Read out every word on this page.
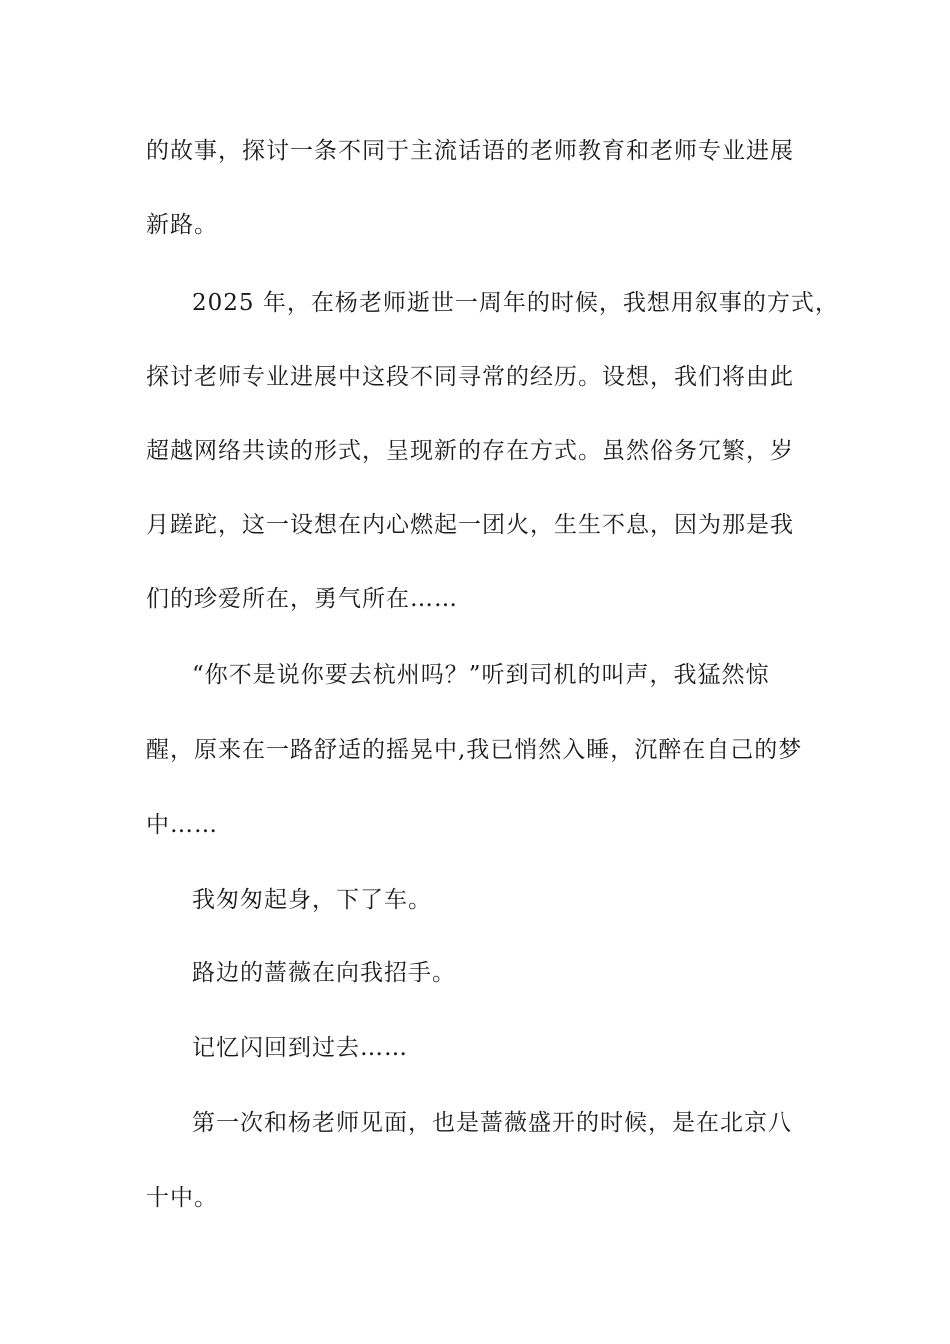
的故事，探讨一条不同于主流话语的老师教育和老师专业进展
新路。
2025 年，在杨老师逝世一周年的时候，我想用叙事的方式，
探讨老师专业进展中这段不同寻常的经历。设想，我们将由此
超越网络共读的形式，呈现新的存在方式。虽然俗务冗繁，岁
月蹉跎，这一设想在内心燃起一团火，生生不息，因为那是我
们的珍爱所在，勇气所在……
“你不是说你要去杭州吗？”听到司机的叫声，我猛然惊
醒，原来在一路舒适的摇晃中,我已悄然入睡，沉醉在自己的梦
中……
我匆匆起身，下了车。
路边的蔷薇在向我招手。
记忆闪回到过去……
第一次和杨老师见面，也是蔷薇盛开的时候，是在北京八
十中。
